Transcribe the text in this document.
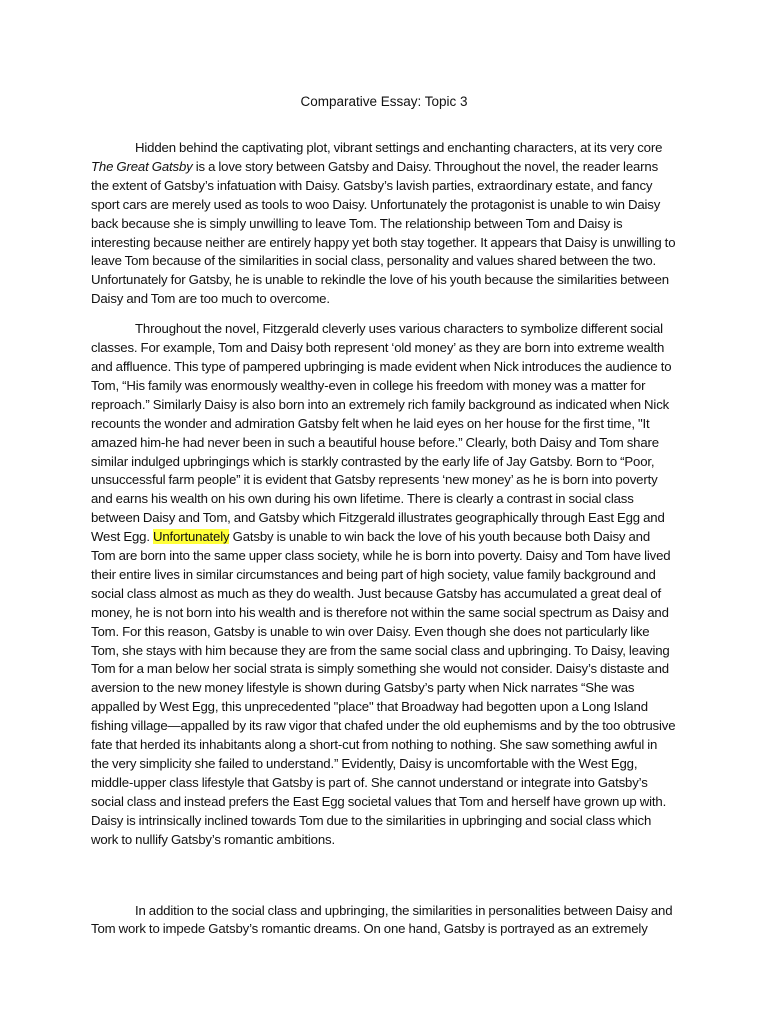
Comparative Essay: Topic 3

Hidden behind the captivating plot, vibrant settings and enchanting characters, at its very core The Great Gatsby is a love story between Gatsby and Daisy. Throughout the novel, the reader learns the extent of Gatsby’s infatuation with Daisy. Gatsby’s lavish parties, extraordinary estate, and fancy sport cars are merely used as tools to woo Daisy. Unfortunately the protagonist is unable to win Daisy back because she is simply unwilling to leave Tom. The relationship between Tom and Daisy is interesting because neither are entirely happy yet both stay together. It appears that Daisy is unwilling to leave Tom because of the similarities in social class, personality and values shared between the two. Unfortunately for Gatsby, he is unable to rekindle the love of his youth because the similarities between Daisy and Tom are too much to overcome.

Throughout the novel, Fitzgerald cleverly uses various characters to symbolize different social classes. For example, Tom and Daisy both represent ‘old money’ as they are born into extreme wealth and affluence. This type of pampered upbringing is made evident when Nick introduces the audience to Tom, “His family was enormously wealthy-even in college his freedom with money was a matter for reproach.” Similarly Daisy is also born into an extremely rich family background as indicated when Nick recounts the wonder and admiration Gatsby felt when he laid eyes on her house for the first time, "It amazed him-he had never been in such a beautiful house before.” Clearly, both Daisy and Tom share similar indulged upbringings which is starkly contrasted by the early life of Jay Gatsby. Born to “Poor, unsuccessful farm people” it is evident that Gatsby represents ‘new money’ as he is born into poverty and earns his wealth on his own during his own lifetime. There is clearly a contrast in social class between Daisy and Tom, and Gatsby which Fitzgerald illustrates geographically through East Egg and West Egg. Unfortunately Gatsby is unable to win back the love of his youth because both Daisy and Tom are born into the same upper class society, while he is born into poverty. Daisy and Tom have lived their entire lives in similar circumstances and being part of high society, value family background and social class almost as much as they do wealth. Just because Gatsby has accumulated a great deal of money, he is not born into his wealth and is therefore not within the same social spectrum as Daisy and Tom. For this reason, Gatsby is unable to win over Daisy. Even though she does not particularly like Tom, she stays with him because they are from the same social class and upbringing. To Daisy, leaving Tom for a man below her social strata is simply something she would not consider. Daisy’s distaste and aversion to the new money lifestyle is shown during Gatsby’s party when Nick narrates “She was appalled by West Egg, this unprecedented "place" that Broadway had begotten upon a Long Island fishing village—appalled by its raw vigor that chafed under the old euphemisms and by the too obtrusive fate that herded its inhabitants along a short-cut from nothing to nothing. She saw something awful in the very simplicity she failed to understand.” Evidently, Daisy is uncomfortable with the West Egg, middle-upper class lifestyle that Gatsby is part of. She cannot understand or integrate into Gatsby’s social class and instead prefers the East Egg societal values that Tom and herself have grown up with. Daisy is intrinsically inclined towards Tom due to the similarities in upbringing and social class which work to nullify Gatsby’s romantic ambitions.

In addition to the social class and upbringing, the similarities in personalities between Daisy and Tom work to impede Gatsby’s romantic dreams. On one hand, Gatsby is portrayed as an extremely
